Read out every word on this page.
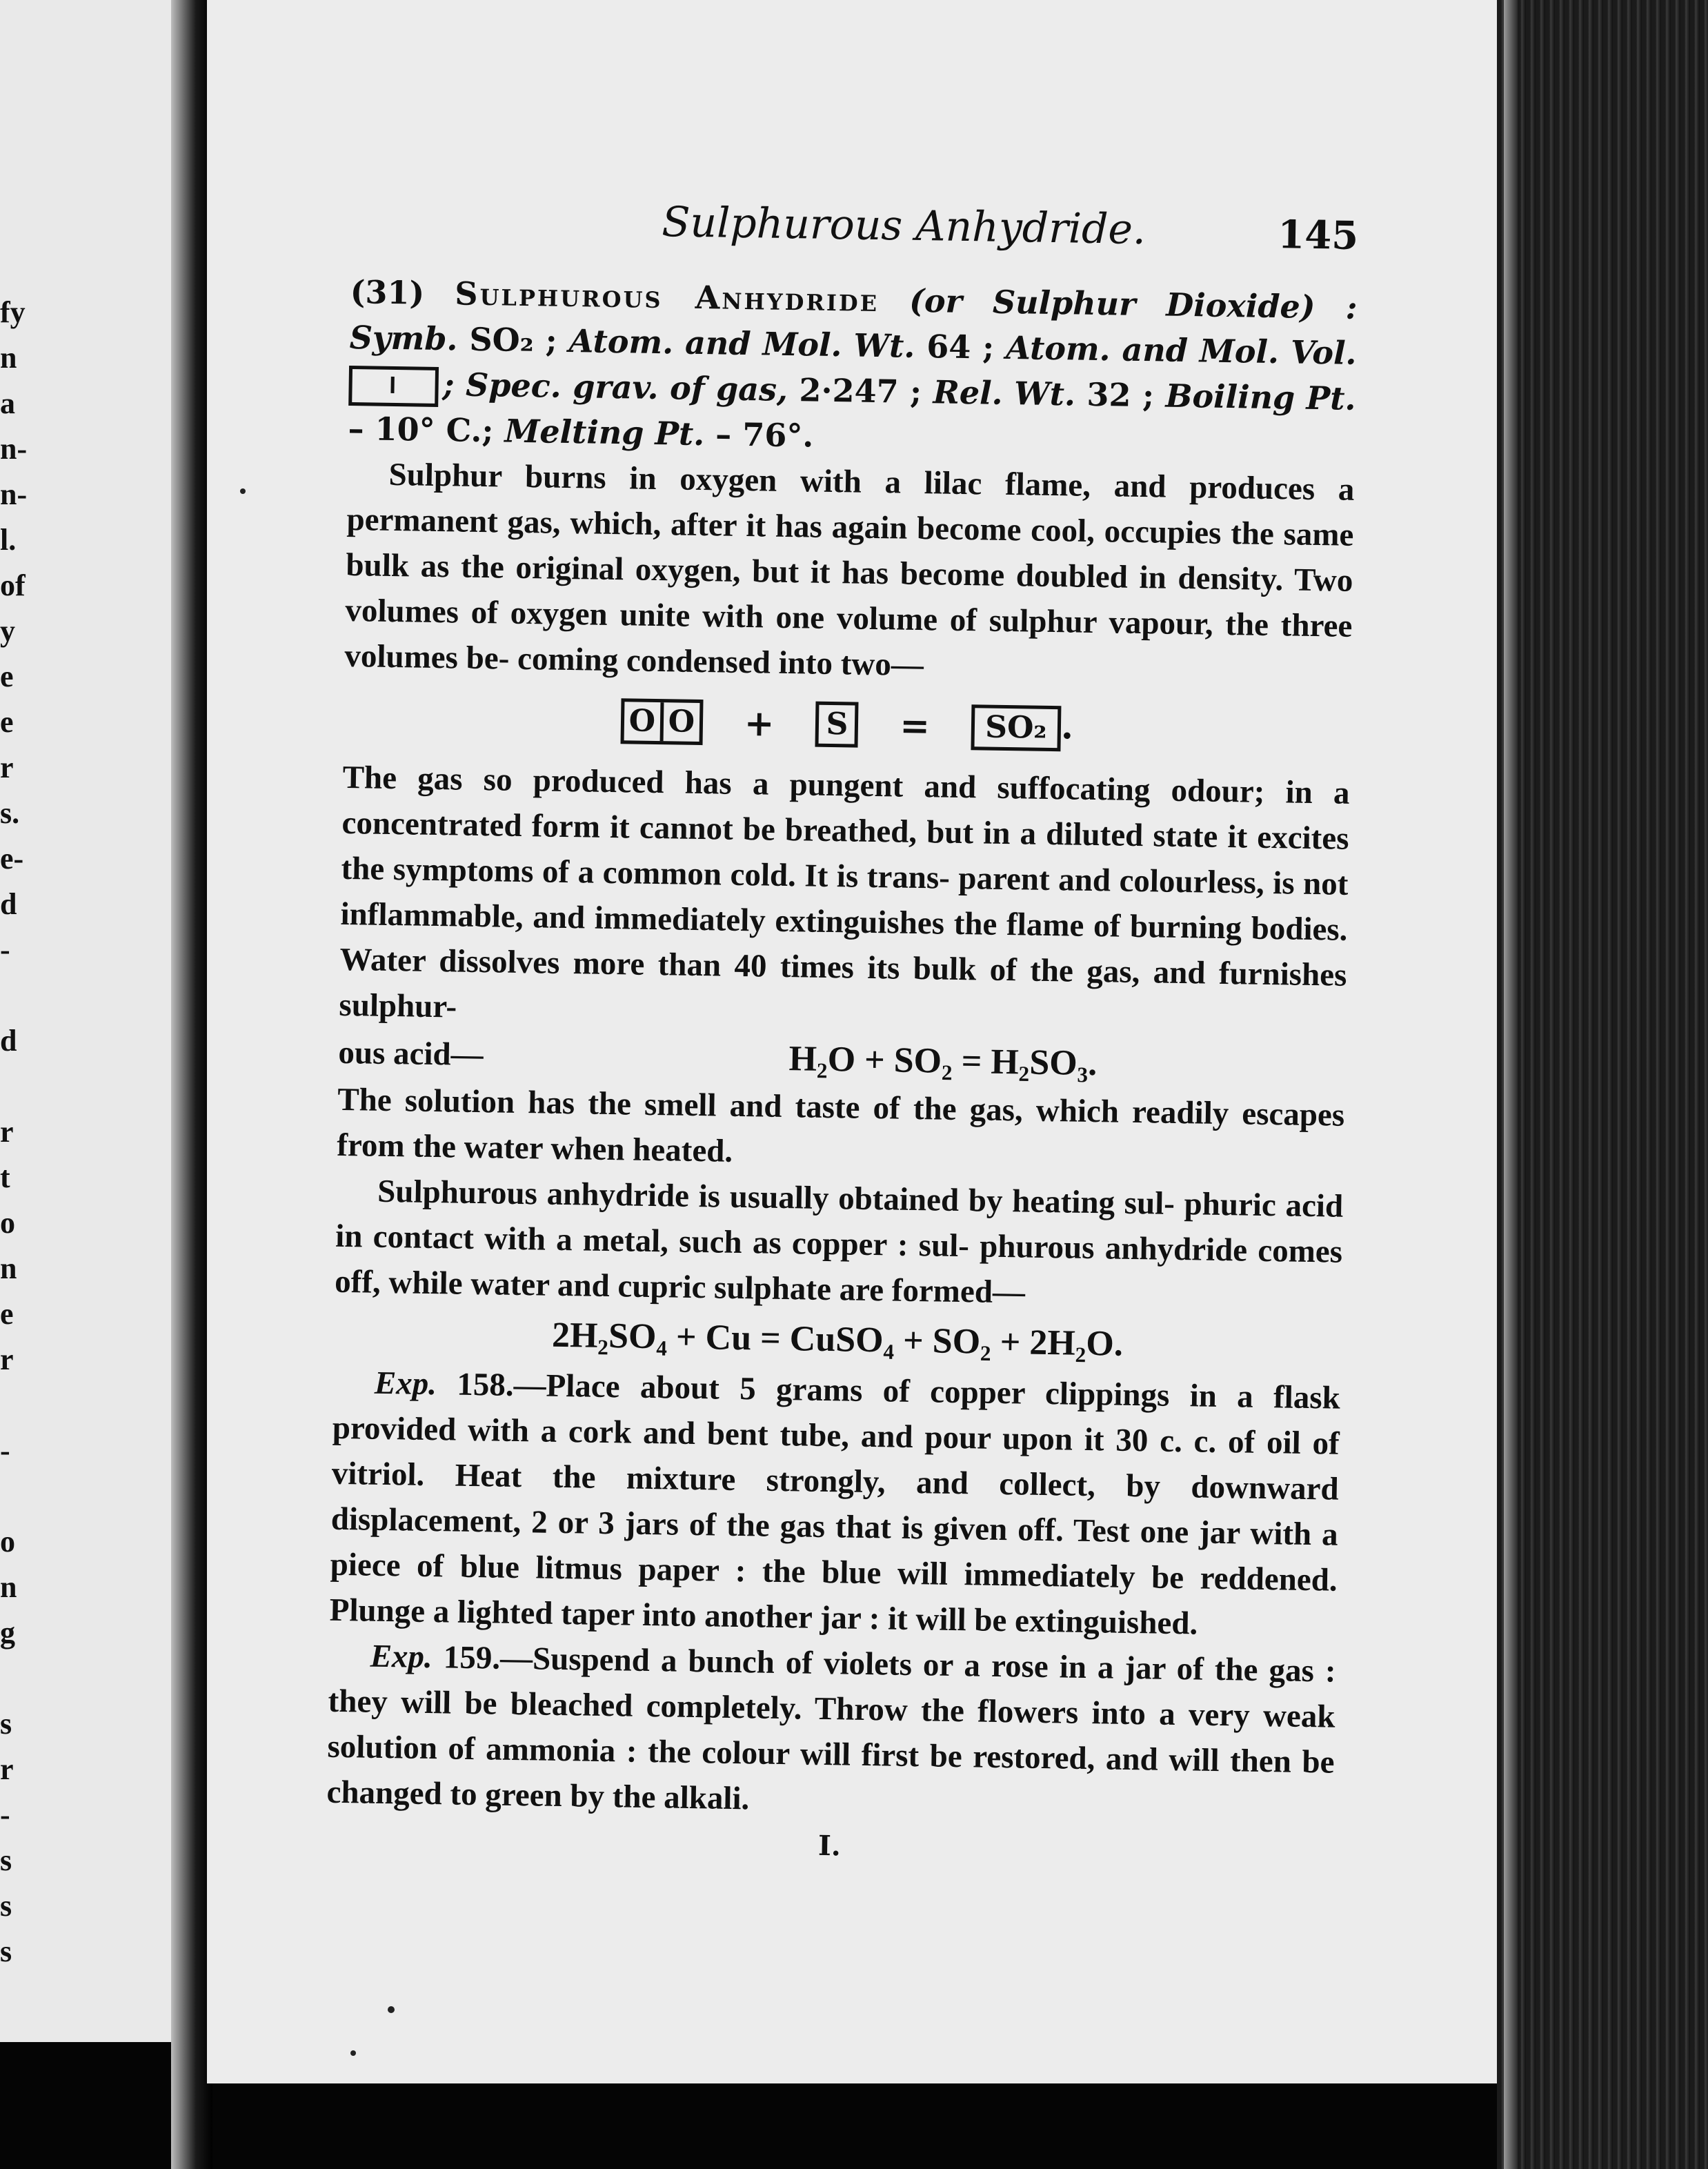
fy
n
a
n-
n-
l.
of
y
e
e
r
s.
e-
d
-
d
r
t
o
n
e
r
-
o
n
g
s
r
-
s
s
s
Sulphurous Anhydride.	145
(31) Sulphurous Anhydride (or Sulphur Dioxide) : Symb. SO₂ ; Atom. and Mol. Wt. 64 ; Atom. and Mol. Vol. ; Spec. grav. of gas, 2·247 ; Rel. Wt. 32 ; Boiling Pt. – 10° C.; Melting Pt. – 76°.

Sulphur burns in oxygen with a lilac flame, and produces a permanent gas, which, after it has again become cool, occupies the same bulk as the original oxygen, but it has become doubled in density. Two volumes of oxygen unite with one volume of sulphur vapour, the three volumes be- coming condensed into two—

O O + S =	SO₂ .

The gas so produced has a pungent and suffocating odour; in a concentrated form it cannot be breathed, but in a diluted state it excites the symptoms of a common cold. It is trans- parent and colourless, is not inflammable, and immediately extinguishes the flame of burning bodies. Water dissolves more than 40 times its bulk of the gas, and furnishes sulphur-

ous acid—	H₂O + SO₂ = H₂SO₃.

The solution has the smell and taste of the gas, which readily escapes from the water when heated.

Sulphurous anhydride is usually obtained by heating sul- phuric acid in contact with a metal, such as copper : sul- phurous anhydride comes off, while water and cupric sulphate are formed—

2H₂SO₄ + Cu = CuSO₄ + SO₂ + 2H₂O.

Exp. 158.—Place about 5 grams of copper clippings in a flask provided with a cork and bent tube, and pour upon it 30 c. c. of oil of vitriol. Heat the mixture strongly, and collect, by downward displacement, 2 or 3 jars of the gas that is given off. Test one jar with a piece of blue litmus paper : the blue will immediately be reddened. Plunge a lighted taper into another jar : it will be extinguished.

Exp. 159.—Suspend a bunch of violets or a rose in a jar of the gas : they will be bleached completely. Throw the flowers into a very weak solution of ammonia : the colour will first be restored, and will then be changed to green by the alkali.

I.
